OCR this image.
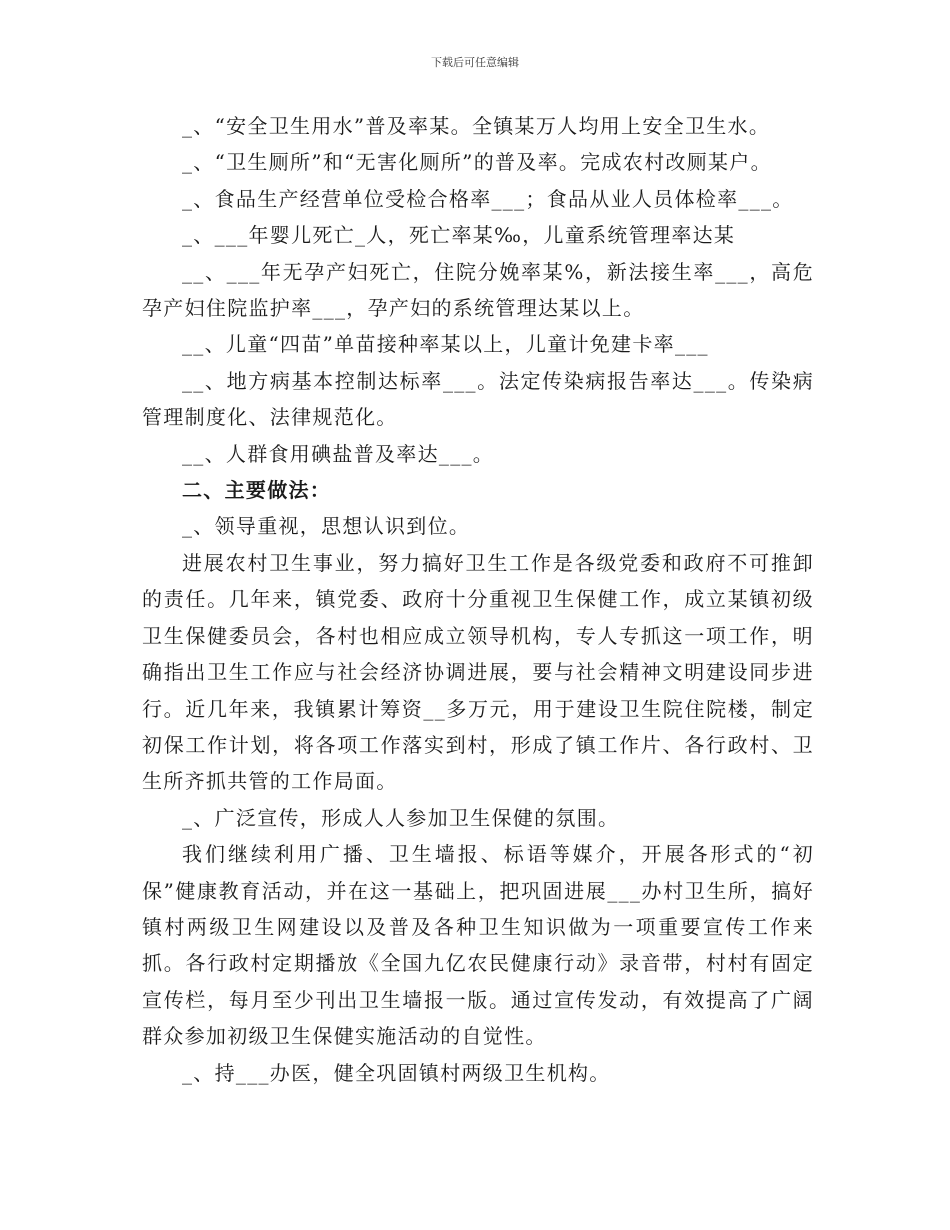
下载后可任意编辑

_、“安全卫生用水”普及率某。全镇某万人均用上安全卫生水。

_、“卫生厕所”和“无害化厕所”的普及率。完成农村改厕某户。

_、食品生产经营单位受检合格率___；食品从业人员体检率___。

_、___年婴儿死亡_人，死亡率某‰，儿童系统管理率达某

__、___年无孕产妇死亡，住院分娩率某%，新法接生率___，高危孕产妇住院监护率___，孕产妇的系统管理达某以上。

__、儿童“四苗”单苗接种率某以上，儿童计免建卡率___

__、地方病基本控制达标率___。法定传染病报告率达___。传染病管理制度化、法律规范化。

__、人群食用碘盐普及率达___。

二、主要做法：

_、领导重视，思想认识到位。

进展农村卫生事业，努力搞好卫生工作是各级党委和政府不可推卸的责任。几年来，镇党委、政府十分重视卫生保健工作，成立某镇初级卫生保健委员会，各村也相应成立领导机构，专人专抓这一项工作，明确指出卫生工作应与社会经济协调进展，要与社会精神文明建设同步进行。近几年来，我镇累计筹资__多万元，用于建设卫生院住院楼，制定初保工作计划，将各项工作落实到村，形成了镇工作片、各行政村、卫生所齐抓共管的工作局面。

_、广泛宣传，形成人人参加卫生保健的氛围。

我们继续利用广播、卫生墙报、标语等媒介，开展各形式的“初保”健康教育活动，并在这一基础上，把巩固进展___办村卫生所，搞好镇村两级卫生网建设以及普及各种卫生知识做为一项重要宣传工作来抓。各行政村定期播放《全国九亿农民健康行动》录音带，村村有固定宣传栏，每月至少刊出卫生墙报一版。通过宣传发动，有效提高了广阔群众参加初级卫生保健实施活动的自觉性。

_、持___办医，健全巩固镇村两级卫生机构。
